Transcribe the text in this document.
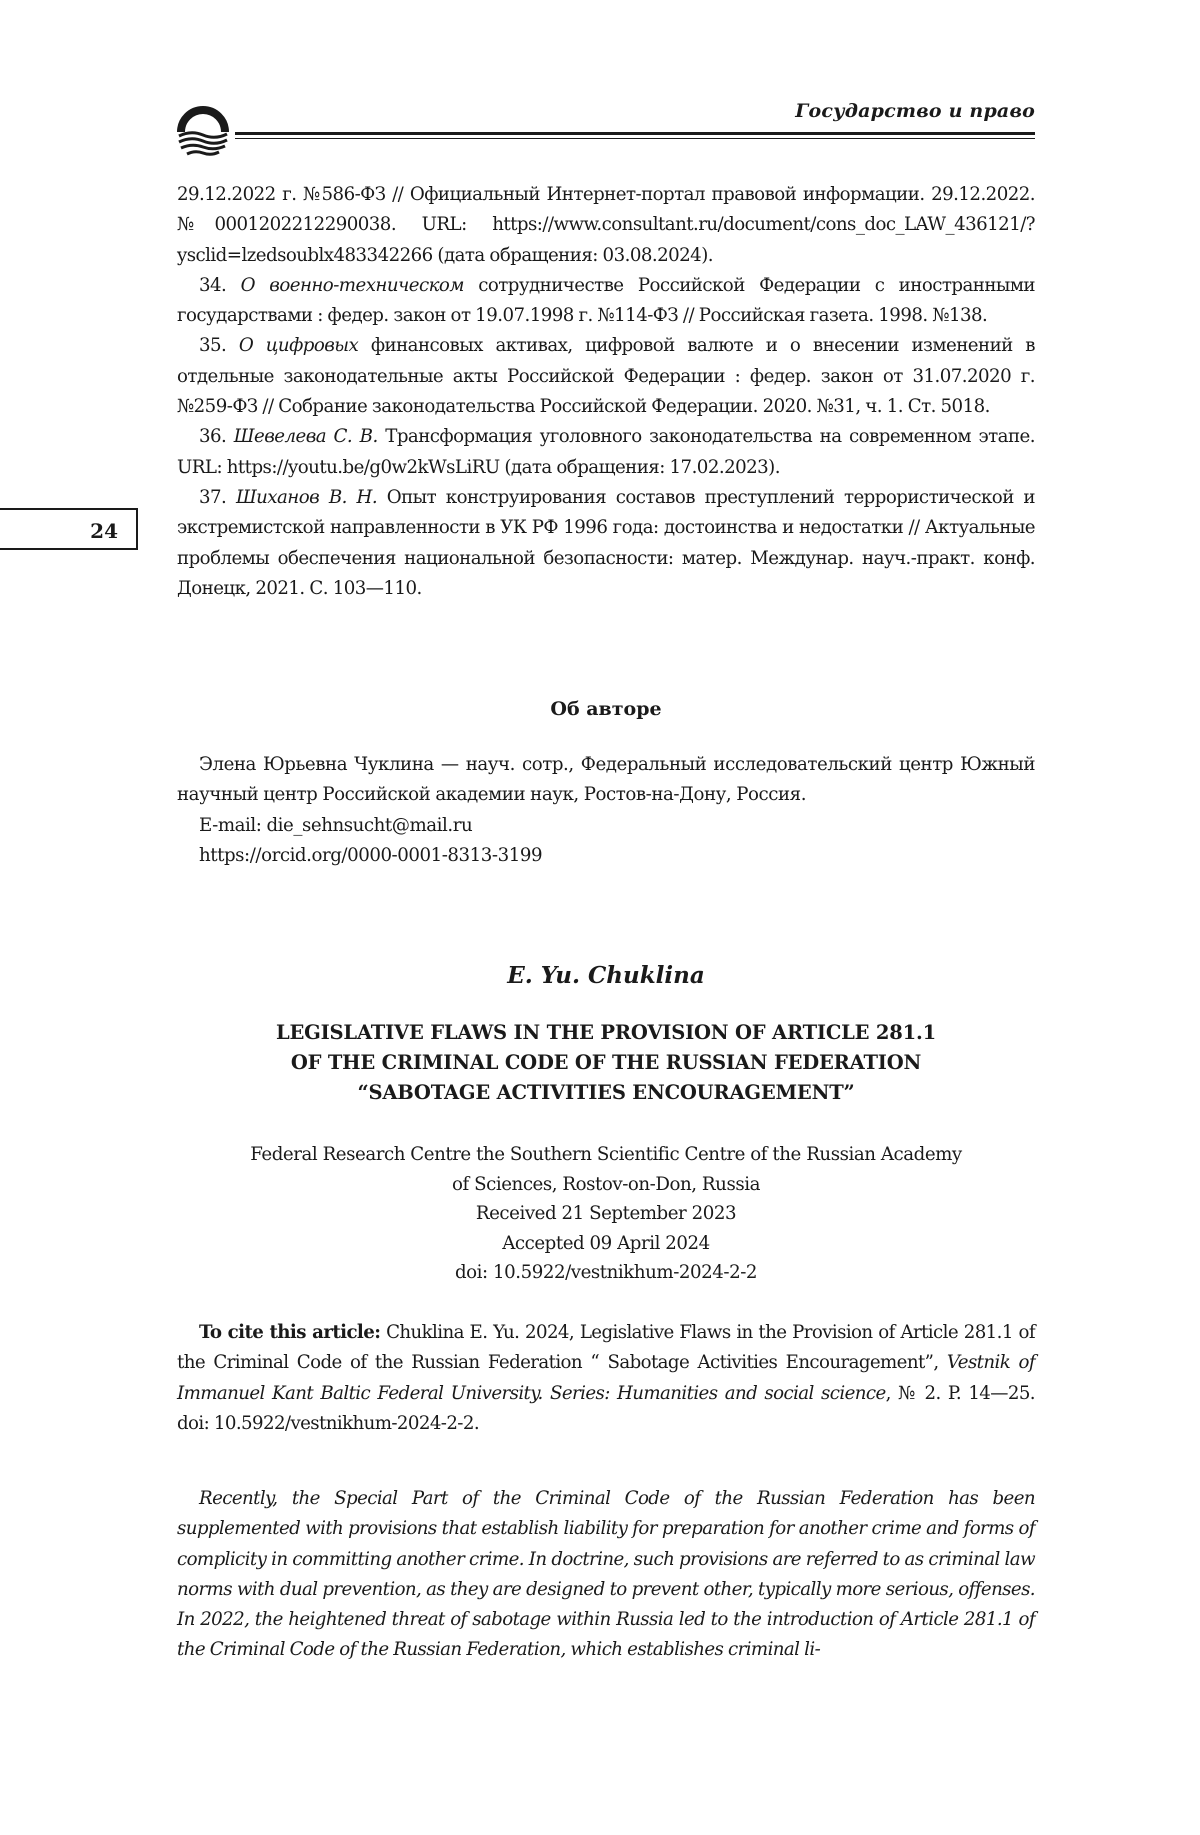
Государство и право
24

29.12.2022 г. №586-ФЗ // Официальный Интернет-портал правовой информации. 29.12.2022. №0001202212290038. URL: https://www.consultant.ru/document/cons_doc_LAW_436121/?ysclid=lzedsoublx483342266 (дата обращения: 03.08.2024).

34. О военно-техническом сотрудничестве Российской Федерации с иностранными государствами : федер. закон от 19.07.1998 г. №114-ФЗ // Российская газета. 1998. №138.

35. О цифровых финансовых активах, цифровой валюте и о внесении изменений в отдельные законодательные акты Российской Федерации : федер. закон от 31.07.2020 г. №259-ФЗ // Собрание законодательства Российской Федерации. 2020. №31, ч. 1. Ст. 5018.

36. Шевелева С. В. Трансформация уголовного законодательства на современном этапе. URL: https://youtu.be/g0w2kWsLiRU (дата обращения: 17.02.2023).

37. Шиханов В. Н. Опыт конструирования составов преступлений террористической и экстремистской направленности в УК РФ 1996 года: достоинства и недостатки // Актуальные проблемы обеспечения национальной безопасности: матер. Междунар. науч.-практ. конф. Донецк, 2021. С. 103—110.

Об авторе

Элена Юрьевна Чуклина — науч. сотр., Федеральный исследовательский центр Южный научный центр Российской академии наук, Ростов-на-Дону, Россия.

E-mail: die_sehnsucht@mail.ru

https://orcid.org/0000-0001-8313-3199

E. Yu. Chuklina
LEGISLATIVE FLAWS IN THE PROVISION OF ARTICLE 281.1
OF THE CRIMINAL CODE OF THE RUSSIAN FEDERATION
“SABOTAGE ACTIVITIES ENCOURAGEMENT”
Federal Research Centre the Southern Scientific Centre of the Russian Academy
of Sciences, Rostov-on-Don, Russia
Received 21 September 2023
Accepted 09 April 2024
doi: 10.5922/vestnikhum-2024-2-2

To cite this article: Chuklina E. Yu. 2024, Legislative Flaws in the Provision of Article 281.1 of the Criminal Code of the Russian Federation “ Sabotage Activities Encouragement”, Vestnik of Immanuel Kant Baltic Federal University. Series: Humanities and social science, № 2. P. 14—25. doi: 10.5922/vestnikhum-2024-2-2.

Recently, the Special Part of the Criminal Code of the Russian Federation has been supplemented with provisions that establish liability for preparation for another crime and forms of complicity in committing another crime. In doctrine, such provisions are referred to as criminal law norms with dual prevention, as they are designed to prevent other, typically more serious, offenses. In 2022, the heightened threat of sabotage within Russia led to the introduction of Article 281.1 of the Criminal Code of the Russian Federation, which establishes criminal li-
